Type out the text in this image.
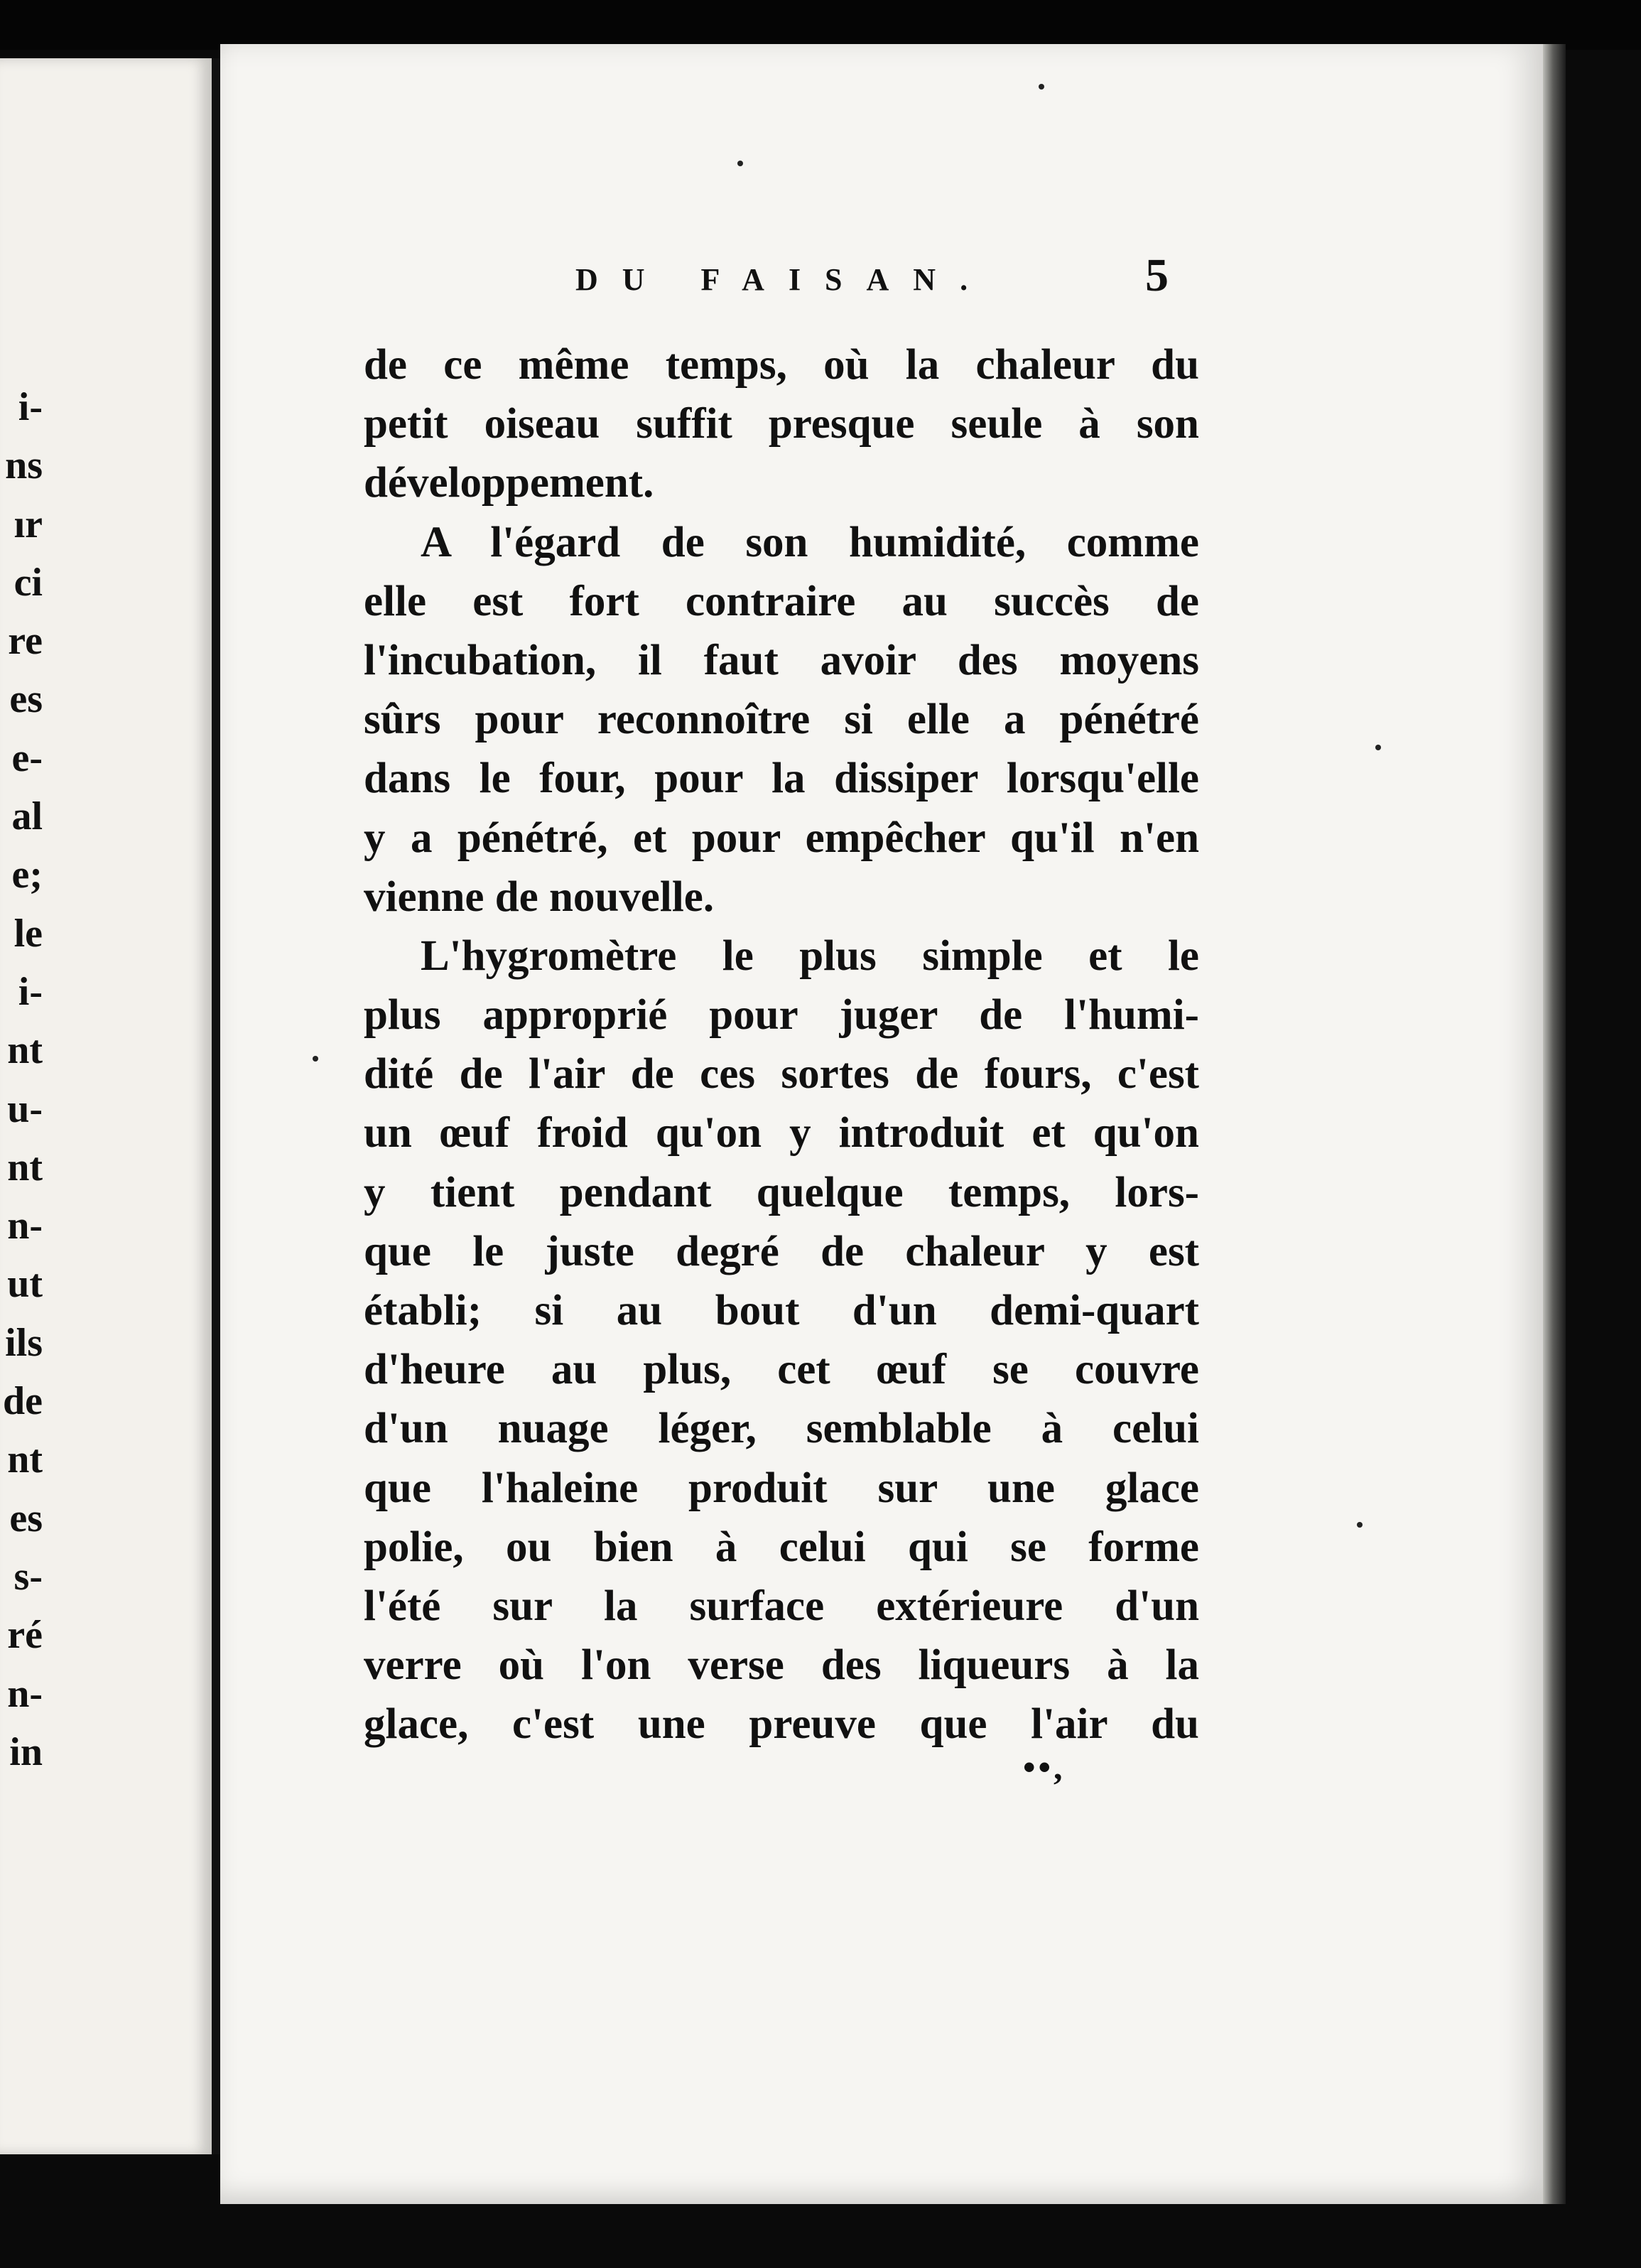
i-
ns
ır
ci
re
es
e-
al
e;
le
i-
nt
u-
nt
n-
ut
ils
de
nt
es
s-
ré
n-
in
DU FAISAN.	5
de ce même temps, où la chaleur du
petit oiseau suffit presque seule à son
développement.
A l'égard de son humidité, comme
elle est fort contraire au succès de
l'incubation, il faut avoir des moyens
sûrs pour reconnoître si elle a pénétré
dans le four, pour la dissiper lorsqu'elle
y a pénétré, et pour empêcher qu'il n'en
vienne de nouvelle.
L'hygromètre le plus simple et le
plus approprié pour juger de l'humi-
dité de l'air de ces sortes de fours, c'est
un œuf froid qu'on y introduit et qu'on
y tient pendant quelque temps, lors-
que le juste degré de chaleur y est
établi; si au bout d'un demi-quart
d'heure au plus, cet œuf se couvre
d'un nuage léger, semblable à celui
que l'haleine produit sur une glace
polie, ou bien à celui qui se forme
l'été sur la surface extérieure d'un
verre où l'on verse des liqueurs à la
glace, c'est une preuve que l'air du
••,
